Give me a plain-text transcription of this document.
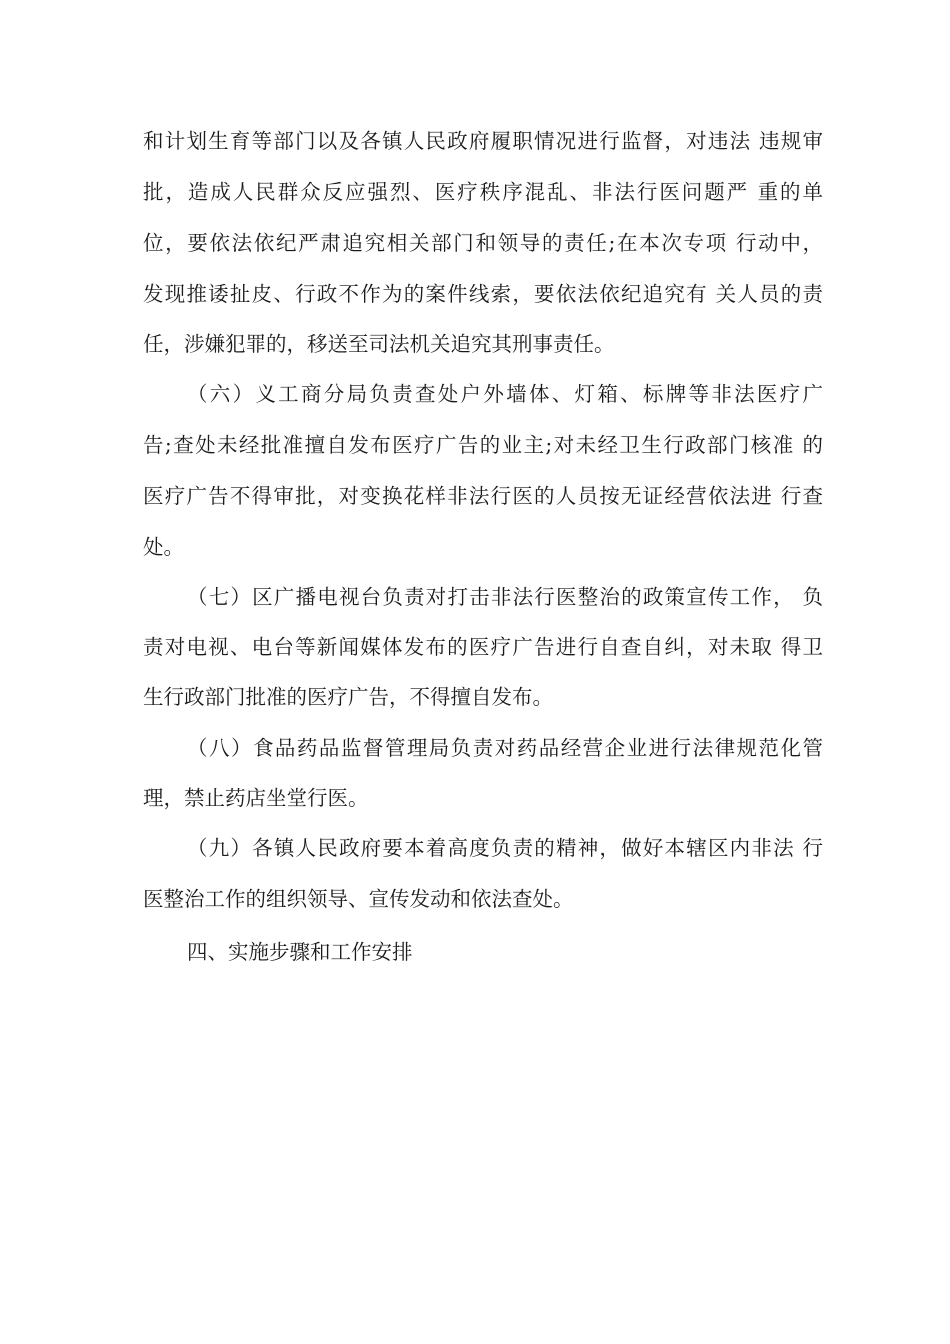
和计划生育等部门以及各镇人民政府履职情况进行监督，对违法 违规审
批，造成人民群众反应强烈、医疗秩序混乱、非法行医问题严 重的单
位，要依法依纪严肃追究相关部门和领导的责任;在本次专项 行动中，
发现推诿扯皮、行政不作为的案件线索，要依法依纪追究有 关人员的责
任，涉嫌犯罪的，移送至司法机关追究其刑事责任。
（六）义工商分局负责查处户外墙体、灯箱、标牌等非法医疗广
告;查处未经批准擅自发布医疗广告的业主;对未经卫生行政部门核准 的
医疗广告不得审批，对变换花样非法行医的人员按无证经营依法进 行查
处。
（七）区广播电视台负责对打击非法行医整治的政策宣传工作， 负
责对电视、电台等新闻媒体发布的医疗广告进行自查自纠，对未取 得卫
生行政部门批准的医疗广告，不得擅自发布。
（八）食品药品监督管理局负责对药品经营企业进行法律规范化管
理，禁止药店坐堂行医。
（九）各镇人民政府要本着高度负责的精神，做好本辖区内非法 行
医整治工作的组织领导、宣传发动和依法查处。
四、实施步骤和工作安排
